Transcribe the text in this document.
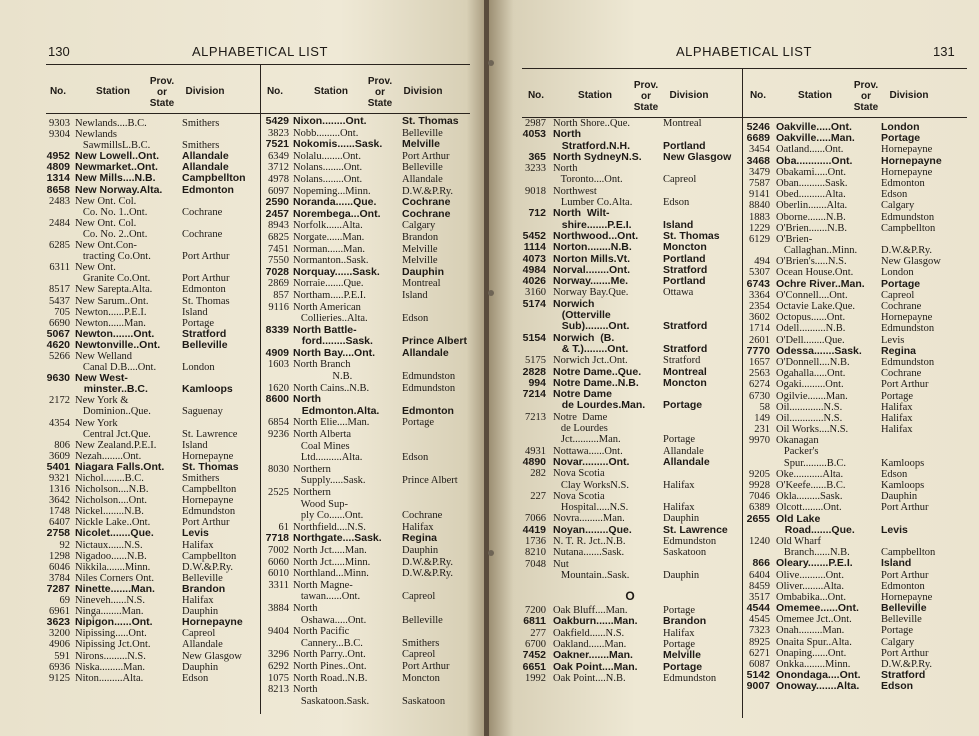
130	ALPHABETICAL LIST	ALPHABETICAL LIST	131
No.	Station
Prov.
or
State
Division	No.	Station
Prov.
or
State
Division	No.	Station
Prov.
or
State
Division	No.	Station
Prov.
or
State
Division
9303 Newlands....B.C.	Smithers
9304 Newlands
SawmillsL.B.C.	Smithers
4952 New Lowell..Ont. Allandale
4809 Newmarket..Ont. Allandale
1314 New Mills....N.B.	Campbellton
8658 New Norway.Alta. Edmonton
2483 New Ont. Col.
Co. No. 1..Ont.	Cochrane
2484 New Ont. Col.
Co. No. 2..Ont.	Cochrane
6285 New Ont.Con-
tracting Co.Ont.	Port Arthur
6311 New Ont.
Granite Co.Ont.	Port Arthur
8517 New Sarepta.Alta.	Edmonton
5437 New Sarum..Ont.	St. Thomas
705 Newton......P.E.I.	Island
6690 Newton......Man.	Portage
5067 Newton.......Ont.	Stratford
4620 Newtonville..Ont. Belleville
5266 New Welland
Canal D.B....Ont. London
9630 New West-
minster..B.C.	Kamloops
2172 New York &
Dominion..Que.	Saguenay
4354 New York
Central Jct.Que.	St. Lawrence
806 New Zealand.P.E.I. Island
3609 Nezah........Ont.	Hornepayne
5401 Niagara Falls.Ont. St. Thomas
9321 Nichol........B.C.	Smithers
1316 Nicholson....N.B.	Campbellton
3642 Nicholson....Ont.	Hornepayne
1748 Nickel........N.B.	Edmundston
6407 Nickle Lake..Ont.	Port Arthur
2758 Nicolet.......Que.	Levis
92 Nictaux......N.S.	Halifax
1298 Nigadoo......N.B.	Campbellton
6046 Nikkila.......Minn.	D.W.&P.Ry.
3784 Niles Corners Ont.	Belleville
7287 Ninette.......Man.	Brandon
69 Nineveh......N.S.	Halifax
6961 Ninga........Man.	Dauphin
3623 Nipigon......Ont.	Hornepayne
3200 Nipissing.....Ont.	Capreol
4906 Nipissing Jct.Ont.	Allandale
591 Nirons.........N.S.	New Glasgow
6936 Niska.........Man.	Dauphin
9125 Niton.........Alta.	Edson
5429 Nixon........Ont.	St. Thomas
3823 Nobb.........Ont.	Belleville
7521 Nokomis......Sask. Melville
6349 Nolalu........Ont.	Port Arthur
3712 Nolans........Ont.	Belleville
4978 Nolans........Ont.	Allandale
6097 Nopeming...Minn.	D.W.&P.Ry.
2590 Noranda......Que. Cochrane
2457 Norembega...Ont. Cochrane
8943 Norfolk......Alta.	Calgary
6825 Norgate......Man.	Brandon
7451 Norman......Man.	Melville
7550 Normanton..Sask.	Melville
7028 Norquay......Sask. Dauphin
2869 Norraie.......Que.	Montreal
857 Northam.....P.E.I.	Island
9116 North American
Collieries..Alta.	Edson
8339 North Battle-
ford........Sask.	Prince Albert
4909 North Bay....Ont.	Allandale
1603 North Branch
N.B.	Edmundston
1620 North Cains..N.B.	Edmundston
8600 North
Edmonton.Alta. Edmonton
6854 North Elie....Man.	Portage
9236 North Alberta
Coal Mines
Ltd..........Alta.	Edson
8030 Northern
Supply.....Sask.	Prince Albert
2525 Northern
Wood Sup-
ply Co......Ont.	Cochrane
61 Northfield....N.S.	Halifax
7718 Northgate....Sask. Regina
7002 North Jct.....Man.	Dauphin
6060 North Jct.....Minn.	D.W.&P.Ry.
6010 Northland...Minn.	D.W.&P.Ry.
3311 North Magne-
tawan......Ont.	Capreol
3884 North
Oshawa.....Ont.	Belleville
9404 North Pacific
Cannery...B.C.	Smithers
3296 North Parry..Ont.	Capreol
6292 North Pines..Ont.	Port Arthur
1075 North Road..N.B.	Moncton
8213 North
Saskatoon.Sask.	Saskatoon
2987 North Shore..Que.	Montreal
4053 North
Stratford.N.H.	Portland
365 North SydneyN.S. New Glasgow
3233 North
Toronto....Ont.	Capreol
9018 Northwest
Lumber Co.Alta.	Edson
712 North  Wilt-
shire.......P.E.I.	Island
5452 Northwood...Ont. St. Thomas
1114 Norton........N.B.	Moncton
4073 Norton Mills.Vt.	Portland
4984 Norval........Ont.	Stratford
4026 Norway.......Me.	Portland
3160 Norway Bay.Que.	Ottawa
5174 Norwich
(Otterville
Sub)........Ont.	Stratford
5154 Norwich  (B.
& T.)........Ont.	Stratford
5175 Norwich Jct..Ont.	Stratford
2828 Notre Dame..Que. Montreal
994 Notre Dame..N.B. Moncton
7214 Notre Dame
de Lourdes.Man. Portage
7213 Notre  Dame
de Lourdes
Jct..........Man.	Portage
4931 Nottawa......Ont.	Allandale
4890 Novar.........Ont.	Allandale
282 Nova Scotia
Clay WorksN.S.	Halifax
227 Nova Scotia
Hospital.....N.S.	Halifax
7066 Novra.........Man.	Dauphin
4419 Noyan........Que.	St. Lawrence
1736 N. T. R. Jct..N.B.	Edmundston
8210 Nutana.......Sask.	Saskatoon
7048 Nut
Mountain..Sask.	Dauphin
O
7200 Oak Bluff....Man.	Portage
6811 Oakburn......Man. Brandon
277 Oakfield......N.S.	Halifax
6700 Oakland......Man.	Portage
7452 Oakner.......Man.	Melville
6651 Oak Point....Man. Portage
1992 Oak Point....N.B.	Edmundston
5246 Oakville.....Ont.	London
6689 Oakville.....Man. Portage
3454 Oatland......Ont.	Hornepayne
3468 Oba............Ont.	Hornepayne
3479 Obakami.....Ont.	Hornepayne
7587 Oban..........Sask.	Edmonton
9141 Obed..........Alta.	Edson
8840 Oberlin.......Alta.	Calgary
1883 Oborne.......N.B.	Edmundston
1229 O'Brien.......N.B.	Campbellton
6129 O'Brien-
Callaghan..Minn. D.W.&P.Ry.
494 O'Brien's.....N.S.	New Glasgow
5307 Ocean House.Ont.	London
6743 Ochre River..Man. Portage
3364 O'Connell....Ont.	Capreol
2354 Octavie Lake.Que. Cochrane
3602 Octopus......Ont.	Hornepayne
1714 Odell..........N.B.	Edmundston
2601 O'Dell........Que.	Levis
7770 Odessa.......Sask. Regina
1657 O'Donnell....N.B.	Edmundston
2563 Ogahalla.....Ont.	Cochrane
6274 Ogaki.........Ont.	Port Arthur
6730 Ogilvie.......Man.	Portage
58 Oil.............N.S.	Halifax
149 Oil.............N.S.	Halifax
231 Oil Works....N.S.	Halifax
9970 Okanagan
Packer's
Spur.........B.C.	Kamloops
9205 Oke...........Alta.	Edson
9928 O'Keefe......B.C.	Kamloops
7046 Okla.........Sask.	Dauphin
6389 Olcott........Ont.	Port Arthur
2655 Old Lake
Road.......Que. Levis
1240 Old Wharf
Branch......N.B.	Campbellton
866 Oleary.......P.E.I.	Island
6404 Olive..........Ont.	Port Arthur
8459 Oliver........Alta.	Edmonton
3517 Ombabika...Ont.	Hornepayne
4544 Omemee......Ont. Belleville
4545 Omemee Jct..Ont.	Belleville
7323 Onah.........Man.	Portage
8925 Onaita Spur..Alta.	Calgary
6271 Onaping......Ont.	Port Arthur
6087 Onkka........Minn.	D.W.&P.Ry.
5142 Onondaga....Ont. Stratford
9007 Onoway.......Alta. Edson
